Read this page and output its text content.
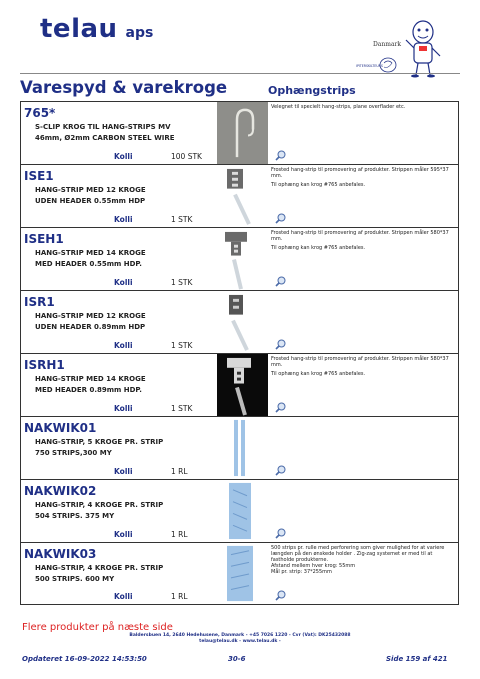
telau aps
Danmark
IPITERSKILTEURS
Varespyd & varekroge	Ophængstrips
765*
S-CLIP KROG TIL HANG-STRIPS MV
46mm, Ø2mm CARBON STEEL WIRE
Kolli	100 STK

Velegnet til specielt hang-strips, plane overflader etc.

ISE1
HANG-STRIP MED 12 KROGE
UDEN HEADER 0.55mm HDP
Kolli	1 STK

Frosted hang-strip til promovering af produkter. Strippen måler 595*37 mm.

Til ophæng kan krog #765 anbefales.

ISEH1
HANG-STRIP MED 14 KROGE
MED HEADER 0.55mm HDP.
Kolli	1 STK

Frosted hang-strip til promovering af produkter. Strippen måler 580*37 mm.

Til ophæng kan krog #765 anbefales.

ISR1
HANG-STRIP MED 12 KROGE
UDEN HEADER 0.89mm HDP
Kolli	1 STK
ISRH1
HANG-STRIP MED 14 KROGE
MED HEADER 0.89mm HDP.
Kolli	1 STK

Frosted hang-strip til promovering af produkter. Strippen måler 580*37 mm.

Til ophæng kan krog #765 anbefales.

NAKWIK01
HANG-STRIP, 5 KROGE PR. STRIP
750 STRIPS,300 MY
Kolli	1 RL
NAKWIK02
HANG-STRIP, 4 KROGE PR. STRIP
504 STRIPS. 375 MY
Kolli	1 RL
NAKWIK03
HANG-STRIP, 4 KROGE PR. STRIP
500 STRIPS. 600 MY
Kolli	1 RL

500 strips pr. rulle med perforering som giver mulighed for at variere længden på den ønskede holder . Zig-zag systemet er med til at fastholde produkterne.

Afstand mellem hver krog: 55mm

Mål pr. strip: 37*255mm

Flere produkter på næste side
Baldersbuen 14, 2640 Hedehusene, Danmark - +45 7026 1220 - Cvr (Vat): DK25432088
telau@telau.dk - www.telau.dk -
Opdateret 16-09-2022 14:53:50	30-6	Side 159 af 421
